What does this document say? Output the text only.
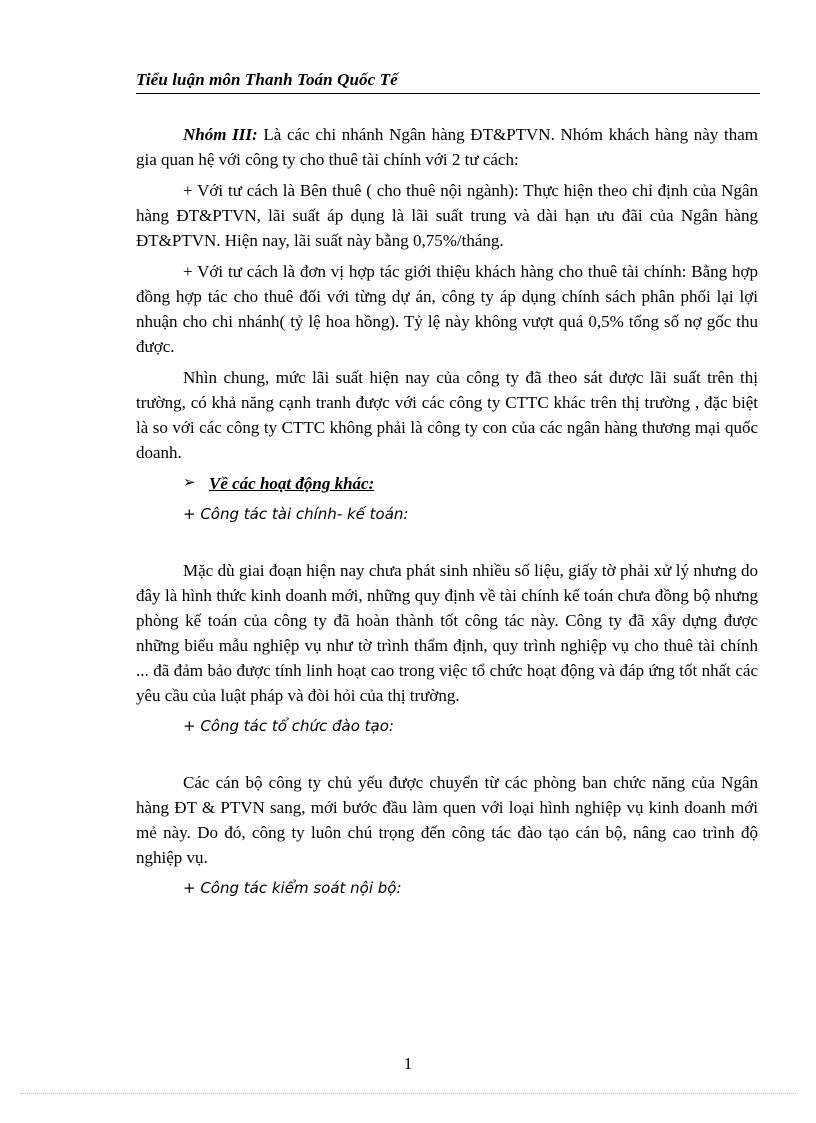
Tiểu luận môn Thanh Toán Quốc Tế

Nhóm III: Là các chi nhánh Ngân hàng ĐT&PTVN. Nhóm khách hàng này tham gia quan hệ với công ty cho thuê tài chính với 2 tư cách:

+ Với tư cách là Bên thuê ( cho thuê nội ngành): Thực hiện theo chỉ định của Ngân hàng ĐT&PTVN, lãi suất áp dụng là lãi suất trung và dài hạn ưu đãi của Ngân hàng ĐT&PTVN. Hiện nay, lãi suất này bằng 0,75%/tháng.

+ Với tư cách là đơn vị hợp tác giới thiệu khách hàng cho thuê tài chính: Bằng hợp đồng hợp tác cho thuê đối với từng dự án, công ty áp dụng chính sách phân phối lại lợi nhuận cho chi nhánh( tỷ lệ hoa hồng). Tỷ lệ này không vượt quá 0,5% tổng số nợ gốc thu được.

Nhìn chung, mức lãi suất hiện nay của công ty đã theo sát được lãi suất trên thị trường, có khả năng cạnh tranh được với các công ty CTTC khác trên thị trường , đặc biệt là so với các công ty CTTC không phải là công ty con của các ngân hàng thương mại quốc doanh.

➢ Về các hoạt động khác:

+ Công tác tài chính- kế toán:

Mặc dù giai đoạn hiện nay chưa phát sinh nhiều số liệu, giấy tờ phải xử lý nhưng do đây là hình thức kinh doanh mới, những quy định về tài chính kế toán chưa đồng bộ nhưng phòng kế toán của công ty đã hoàn thành tốt công tác này. Công ty đã xây dựng được những biểu mẫu nghiệp vụ như tờ trình thẩm định, quy trình nghiệp vụ cho thuê tài chính ... đã đảm bảo được tính linh hoạt cao trong việc tổ chức hoạt động và đáp ứng tốt nhất các yêu cầu của luật pháp và đòi hỏi của thị trường.

+ Công tác tổ chức đào tạo:

Các cán bộ công ty chủ yếu được chuyển từ các phòng ban chức năng của Ngân hàng ĐT & PTVN sang, mới bước đầu làm quen với loại hình nghiệp vụ kinh doanh mới mẻ này. Do đó, công ty luôn chú trọng đến công tác đào tạo cán bộ, nâng cao trình độ nghiệp vụ.

+ Công tác kiểm soát nội bộ:

1
